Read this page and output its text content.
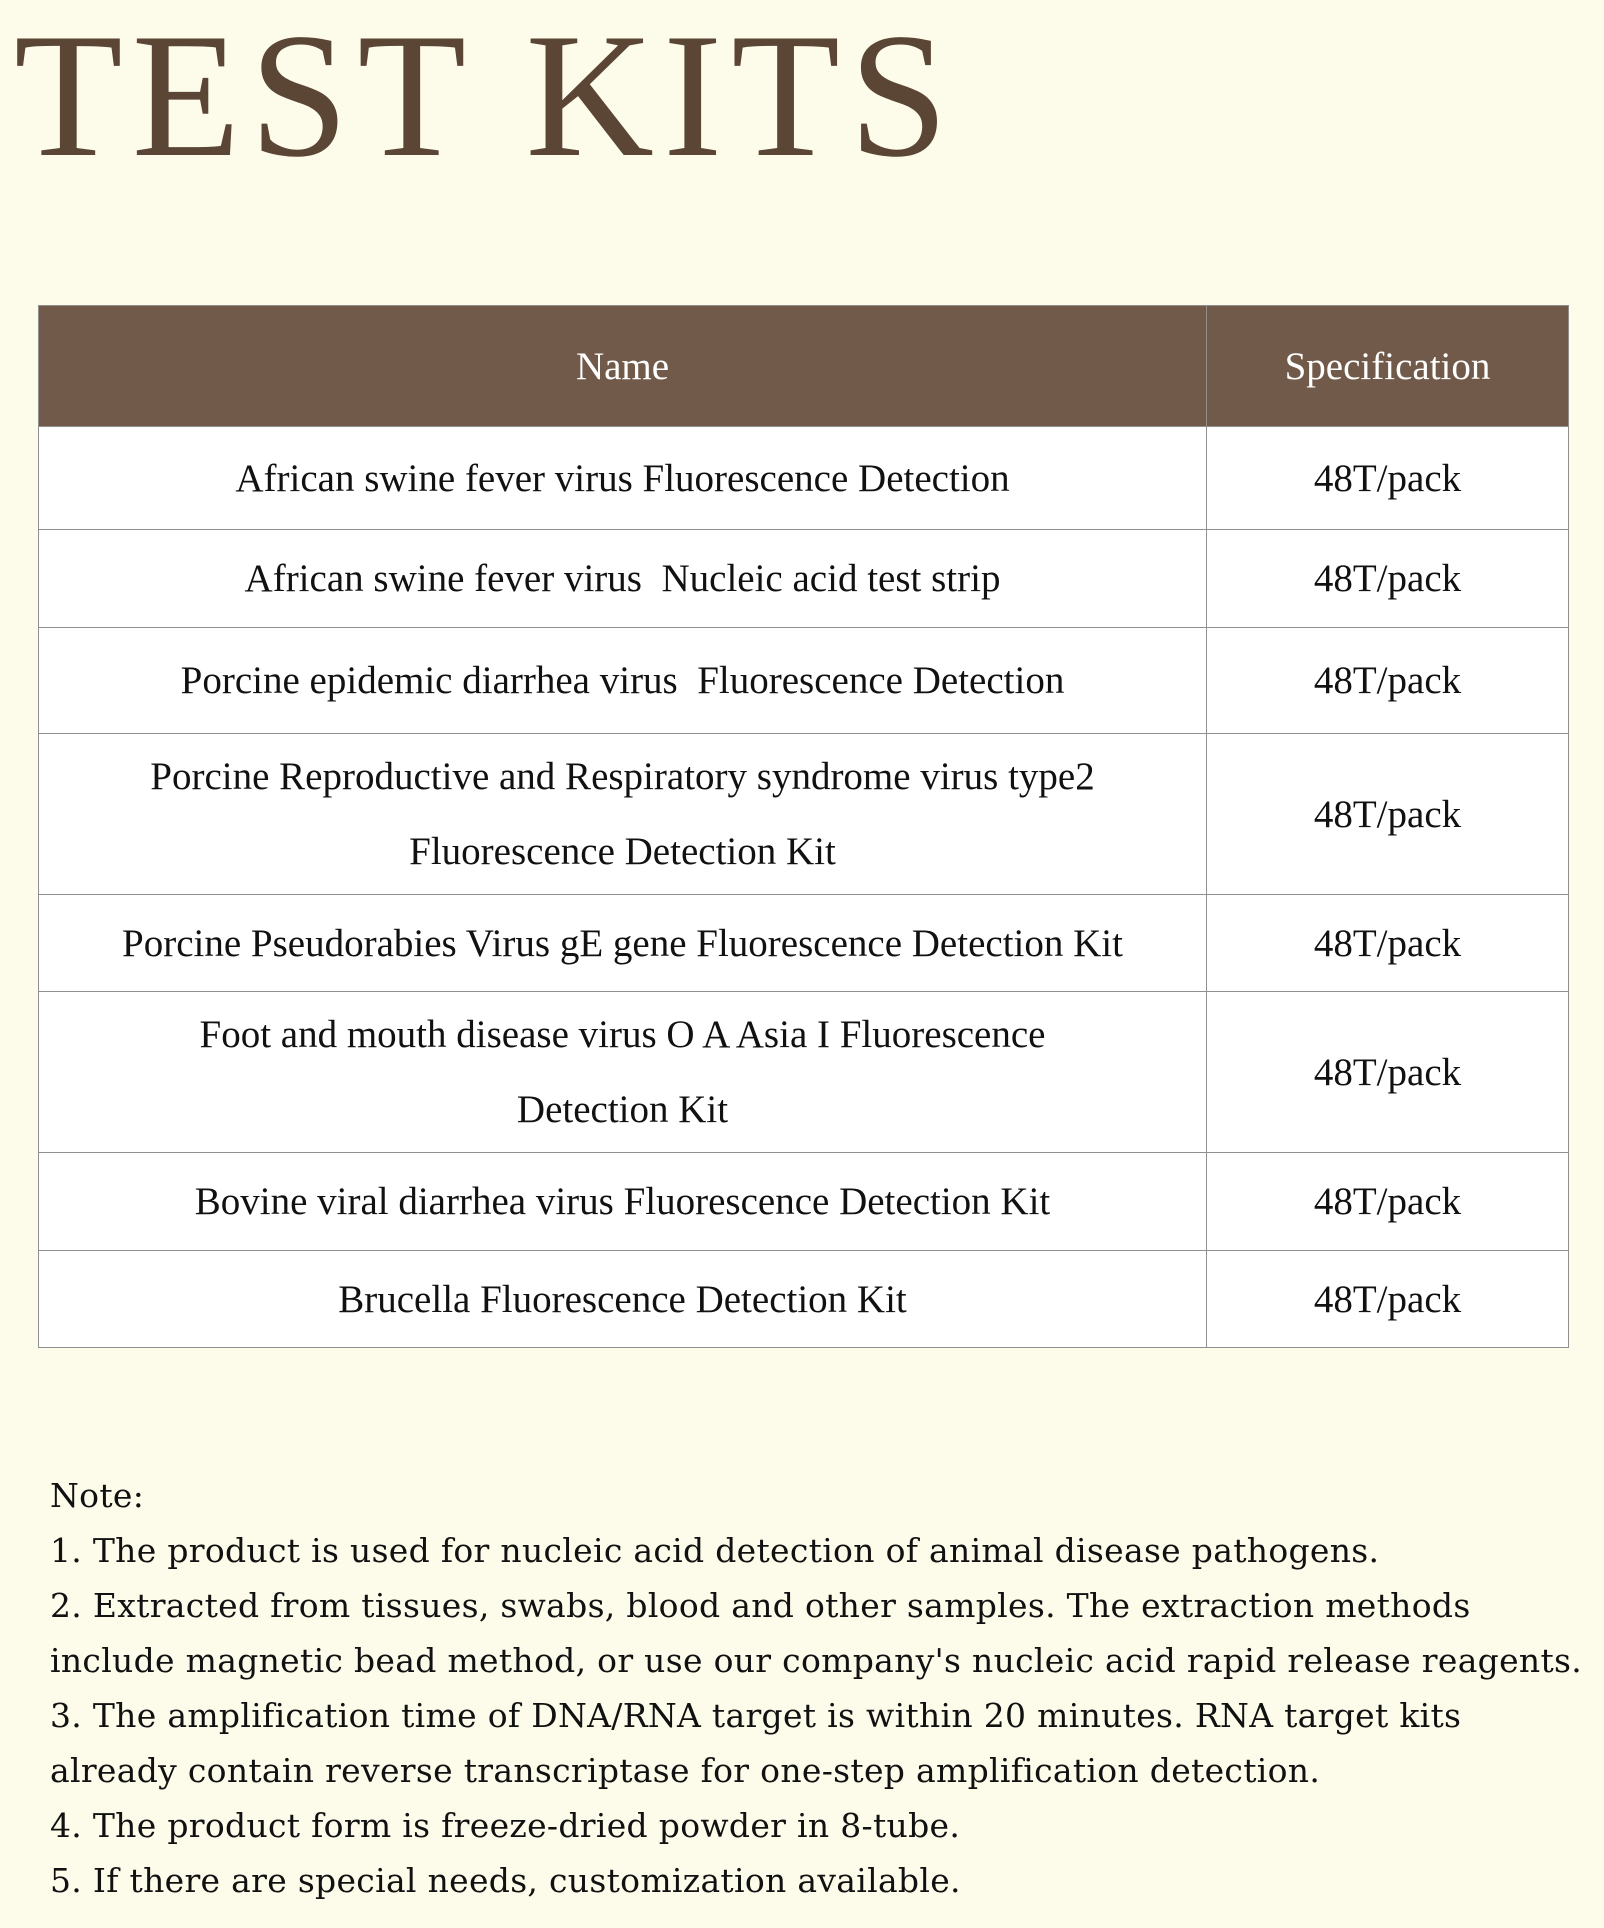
TEST KITS
Name	Specification
African swine fever virus Fluorescence Detection	48T/pack
African swine fever virus  Nucleic acid test strip	48T/pack
Porcine epidemic diarrhea virus  Fluorescence Detection	48T/pack
Porcine Reproductive and Respiratory syndrome virus type2 Fluorescence Detection Kit	48T/pack
Porcine Pseudorabies Virus gE gene Fluorescence Detection Kit	48T/pack
Foot and mouth disease virus O A Asia I Fluorescence Detection Kit	48T/pack
Bovine viral diarrhea virus Fluorescence Detection Kit	48T/pack
Brucella Fluorescence Detection Kit	48T/pack

Note:

1. The product is used for nucleic acid detection of animal disease pathogens.

2. Extracted from tissues, swabs, blood and other samples. The extraction methods include magnetic bead method, or use our company's nucleic acid rapid release reagents.

3. The amplification time of DNA/RNA target is within 20 minutes. RNA target kits already contain reverse transcriptase for one-step amplification detection.

4. The product form is freeze-dried powder in 8-tube.

5. If there are special needs, customization available.
